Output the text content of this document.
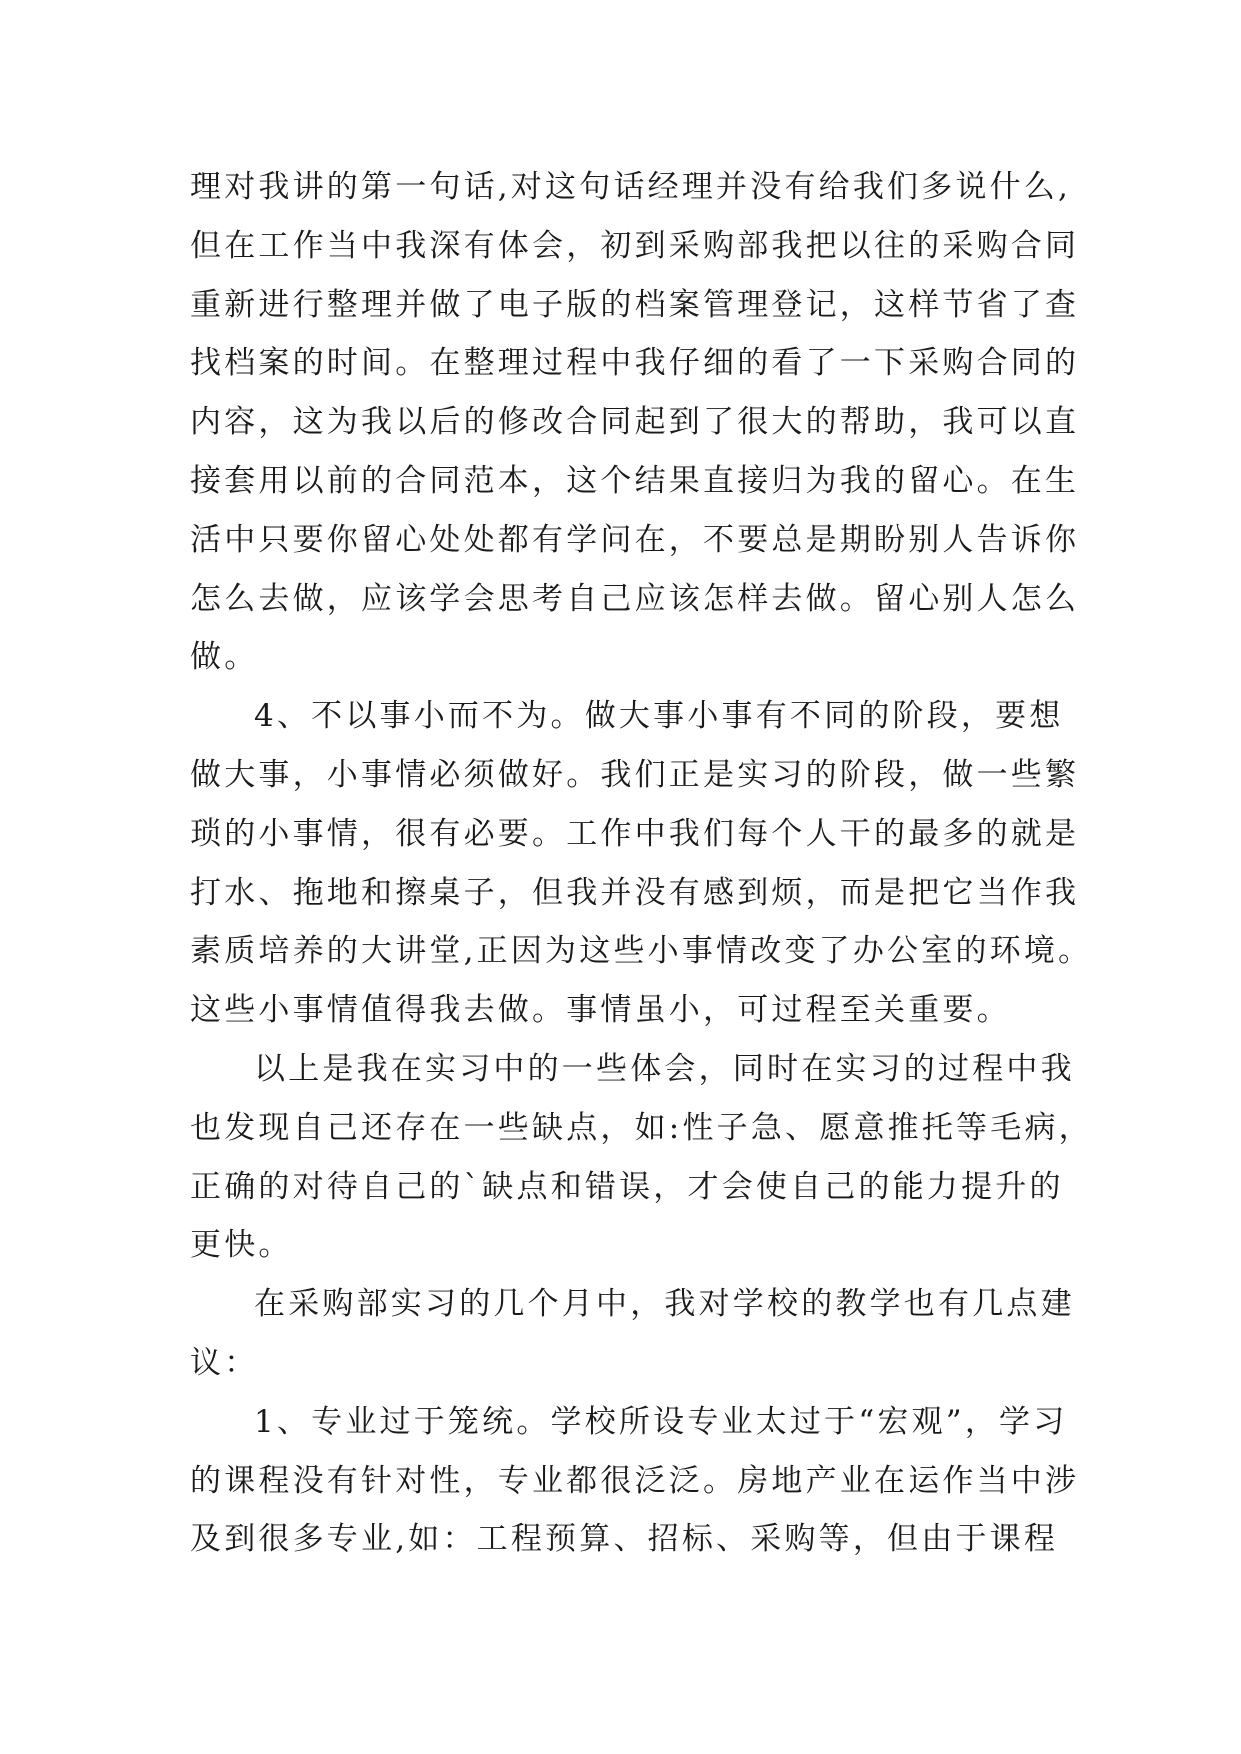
理对我讲的第一句话,对这句话经理并没有给我们多说什么,
但在工作当中我深有体会，初到采购部我把以往的采购合同
重新进行整理并做了电子版的档案管理登记，这样节省了查
找档案的时间。在整理过程中我仔细的看了一下采购合同的
内容，这为我以后的修改合同起到了很大的帮助，我可以直
接套用以前的合同范本，这个结果直接归为我的留心。在生
活中只要你留心处处都有学问在，不要总是期盼别人告诉你
怎么去做，应该学会思考自己应该怎样去做。留心别人怎么
做。
4、不以事小而不为。做大事小事有不同的阶段，要想
做大事，小事情必须做好。我们正是实习的阶段，做一些繁
琐的小事情，很有必要。工作中我们每个人干的最多的就是
打水、拖地和擦桌子，但我并没有感到烦，而是把它当作我
素质培养的大讲堂,正因为这些小事情改变了办公室的环境。
这些小事情值得我去做。事情虽小，可过程至关重要。
以上是我在实习中的一些体会，同时在实习的过程中我
也发现自己还存在一些缺点，如:性子急、愿意推托等毛病，
正确的对待自己的`缺点和错误，才会使自己的能力提升的
更快。
在采购部实习的几个月中，我对学校的教学也有几点建
议：
1、专业过于笼统。学校所设专业太过于“宏观”，学习
的课程没有针对性，专业都很泛泛。房地产业在运作当中涉
及到很多专业,如：工程预算、招标、采购等，但由于课程
